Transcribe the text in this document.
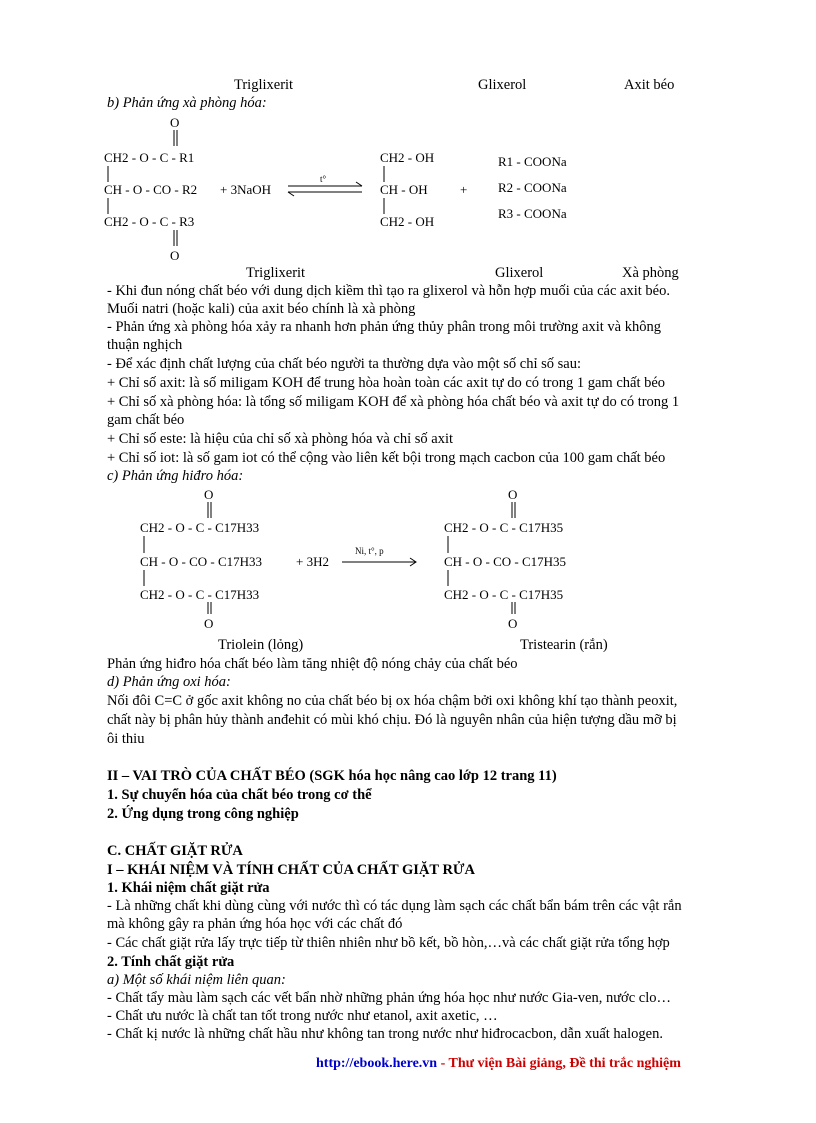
Triglixerit	Glixerol	Axit béo
b) Phản ứng xà phòng hóa:
O
CH2 - O - C - R1
CH - O - CO - R2
CH2 - O - C - R3
O
+ 3NaOH
t°
CH2 - OH
CH - OH
CH2 - OH
+
R1 - COONa
R2 - COONa
R3 - COONa
Triglixerit	Glixerol	Xà phòng
- Khi đun nóng chất béo với dung dịch kiềm thì tạo ra glixerol và hỗn hợp muối của các axit béo.
Muối natri (hoặc kali) của axit béo chính là xà phòng
- Phản ứng xà phòng hóa xảy ra nhanh hơn phản ứng thủy phân trong môi trường axit và không
thuận nghịch
- Để xác định chất lượng của chất béo người ta thường dựa vào một số chỉ số sau:
+ Chỉ số axit: là số miligam KOH để trung hòa hoàn toàn các axit tự do có trong 1 gam chất béo
+ Chỉ số xà phòng hóa: là tổng số miligam KOH để xà phòng hóa chất béo và axit tự do có trong 1
gam chất béo
+ Chỉ số este: là hiệu của chỉ số xà phòng hóa và chỉ số axit
+ Chỉ số iot: là số gam iot có thể cộng vào liên kết bội trong mạch cacbon của 100 gam chất béo
c) Phản ứng hiđro hóa:
O
CH2 - O - C - C17H33
CH - O - CO - C17H33
CH2 - O - C - C17H33
O
+ 3H2
Ni, t°, p
O
CH2 - O - C - C17H35
CH - O - CO - C17H35
CH2 - O - C - C17H35
O
Triolein (lỏng)	Tristearin (rắn)
Phản ứng hiđro hóa chất béo làm tăng nhiệt độ nóng chảy của chất béo
d) Phản ứng oxi hóa:
Nối đôi C=C ở gốc axit không no của chất béo bị ox hóa chậm bởi oxi không khí tạo thành peoxit,
chất này bị phân hủy thành anđehit có mùi khó chịu. Đó là nguyên nhân của hiện tượng dầu mỡ bị
ôi thiu
II – VAI TRÒ CỦA CHẤT BÉO (SGK hóa học nâng cao lớp 12 trang 11)
1. Sự chuyển hóa của chất béo trong cơ thể
2. Ứng dụng trong công nghiệp
C. CHẤT GIẶT RỬA
I – KHÁI NIỆM VÀ TÍNH CHẤT CỦA CHẤT GIẶT RỬA
1. Khái niệm chất giặt rửa
- Là những chất khi dùng cùng với nước thì có tác dụng làm sạch các chất bẩn bám trên các vật rắn
mà không gây ra phản ứng hóa học với các chất đó
- Các chất giặt rửa lấy trực tiếp từ thiên nhiên như bồ kết, bồ hòn,…và các chất giặt rửa tổng hợp
2. Tính chất giặt rửa
a) Một số khái niệm liên quan:
- Chất tẩy màu làm sạch các vết bẩn nhờ những phản ứng hóa học như nước Gia-ven, nước clo…
- Chất ưu nước là chất tan tốt trong nước như etanol, axit axetic, …
- Chất kị nước là những chất hầu như không tan trong nước như hiđrocacbon, dẫn xuất halogen.
http://ebook.here.vn - Thư viện Bài giảng, Đề thi trắc nghiệm
